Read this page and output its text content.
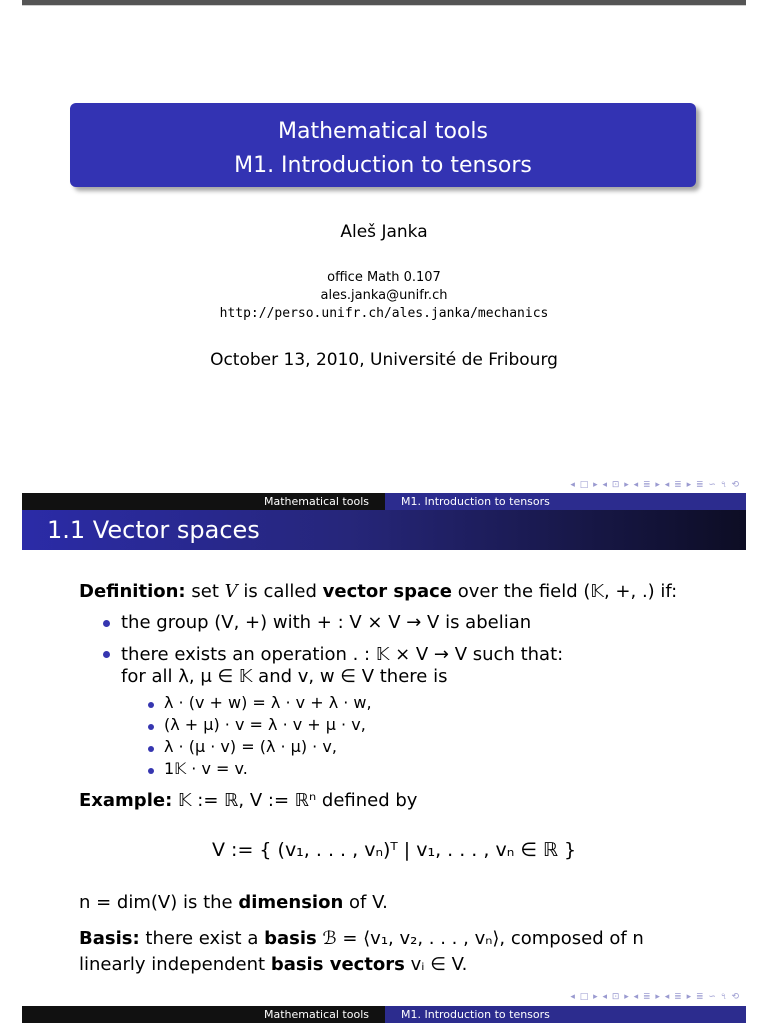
Mathematical tools
M1. Introduction to tensors
Aleš Janka
office Math 0.107
ales.janka@unifr.ch
http://perso.unifr.ch/ales.janka/mechanics
October 13, 2010, Université de Fribourg
◂ □ ▸ ◂ ⊡ ▸ ◂ ≣ ▸ ◂ ≣ ▸ ≣ ∽ ৭ ⟲
Mathematical tools	M1. Introduction to tensors
1.1 Vector spaces
Definition: set V is called vector space over the field (𝕂, +, .) if:
the group (V, +) with + : V × V → V is abelian
there exists an operation . : 𝕂 × V → V such that:
for all λ, μ ∈ 𝕂 and v, w ∈ V there is
λ · (v + w) = λ · v + λ · w,
(λ + μ) · v = λ · v + μ · v,
λ · (μ · v) = (λ · μ) · v,
1𝕂 · v = v.
Example: 𝕂 := ℝ, V := ℝⁿ defined by
V := { (v₁, . . . , vₙ)ᵀ | v₁, . . . , vₙ ∈ ℝ }
n = dim(V) is the dimension of V.
Basis: there exist a basis ℬ = ⟨v₁, v₂, . . . , vₙ⟩, composed of n
linearly independent basis vectors vᵢ ∈ V.
◂ □ ▸ ◂ ⊡ ▸ ◂ ≣ ▸ ◂ ≣ ▸ ≣ ∽ ৭ ⟲
Mathematical tools	M1. Introduction to tensors
